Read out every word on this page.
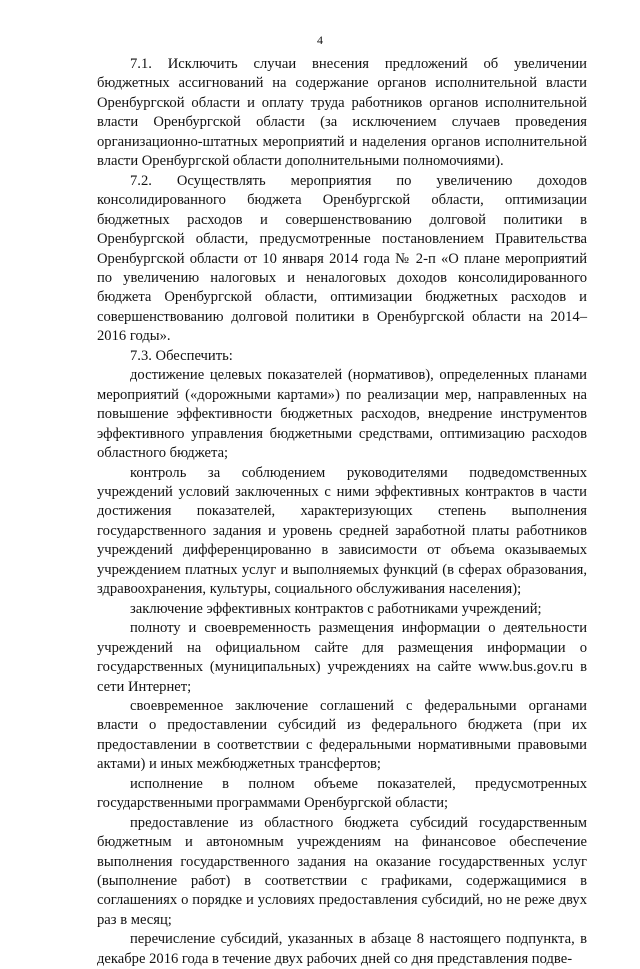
4

7.1. Исключить случаи внесения предложений об увеличении бюджетных ассигнований на содержание органов исполнительной власти Оренбургской области и оплату труда работников органов исполнительной власти Оренбургской области (за исключением случаев проведения организационно-штатных мероприятий и наделения органов исполнительной власти Оренбургской области дополнительными полномочиями).

7.2. Осуществлять мероприятия по увеличению доходов консолидированного бюджета Оренбургской области, оптимизации бюджетных расходов и совершенствованию долговой политики в Оренбургской области, предусмотренные постановлением Правительства Оренбургской области от 10 января 2014 года № 2-п «О плане мероприятий по увеличению налоговых и неналоговых доходов консолидированного бюджета Оренбургской области, оптимизации бюджетных расходов и совершенствованию долговой политики в Оренбургской области на 2014–2016 годы».

7.3. Обеспечить:

достижение целевых показателей (нормативов), определенных планами мероприятий («дорожными картами») по реализации мер, направленных на повышение эффективности бюджетных расходов, внедрение инструментов эффективного управления бюджетными средствами, оптимизацию расходов областного бюджета;

контроль за соблюдением руководителями подведомственных учреждений условий заключенных с ними эффективных контрактов в части достижения показателей, характеризующих степень выполнения государственного задания и уровень средней заработной платы работников учреждений дифференцированно в зависимости от объема оказываемых учреждением платных услуг и выполняемых функций (в сферах образования, здравоохранения, культуры, социального обслуживания населения);

заключение эффективных контрактов с работниками учреждений;

полноту и своевременность размещения информации о деятельности учреждений на официальном сайте для размещения информации о государственных (муниципальных) учреждениях на сайте www.bus.gov.ru в сети Интернет;

своевременное заключение соглашений с федеральными органами власти о предоставлении субсидий из федерального бюджета (при их предоставлении в соответствии с федеральными нормативными правовыми актами) и иных межбюджетных трансфертов;

исполнение в полном объеме показателей, предусмотренных государственными программами Оренбургской области;

предоставление из областного бюджета субсидий государственным бюджетным и автономным учреждениям на финансовое обеспечение выполнения государственного задания на оказание государственных услуг (выполнение работ) в соответствии с графиками, содержащимися в соглашениях о порядке и условиях предоставления субсидий, но не реже двух раз в месяц;

перечисление субсидий, указанных в абзаце 8 настоящего подпункта, в декабре 2016 года в течение двух рабочих дней со дня представления подве-
